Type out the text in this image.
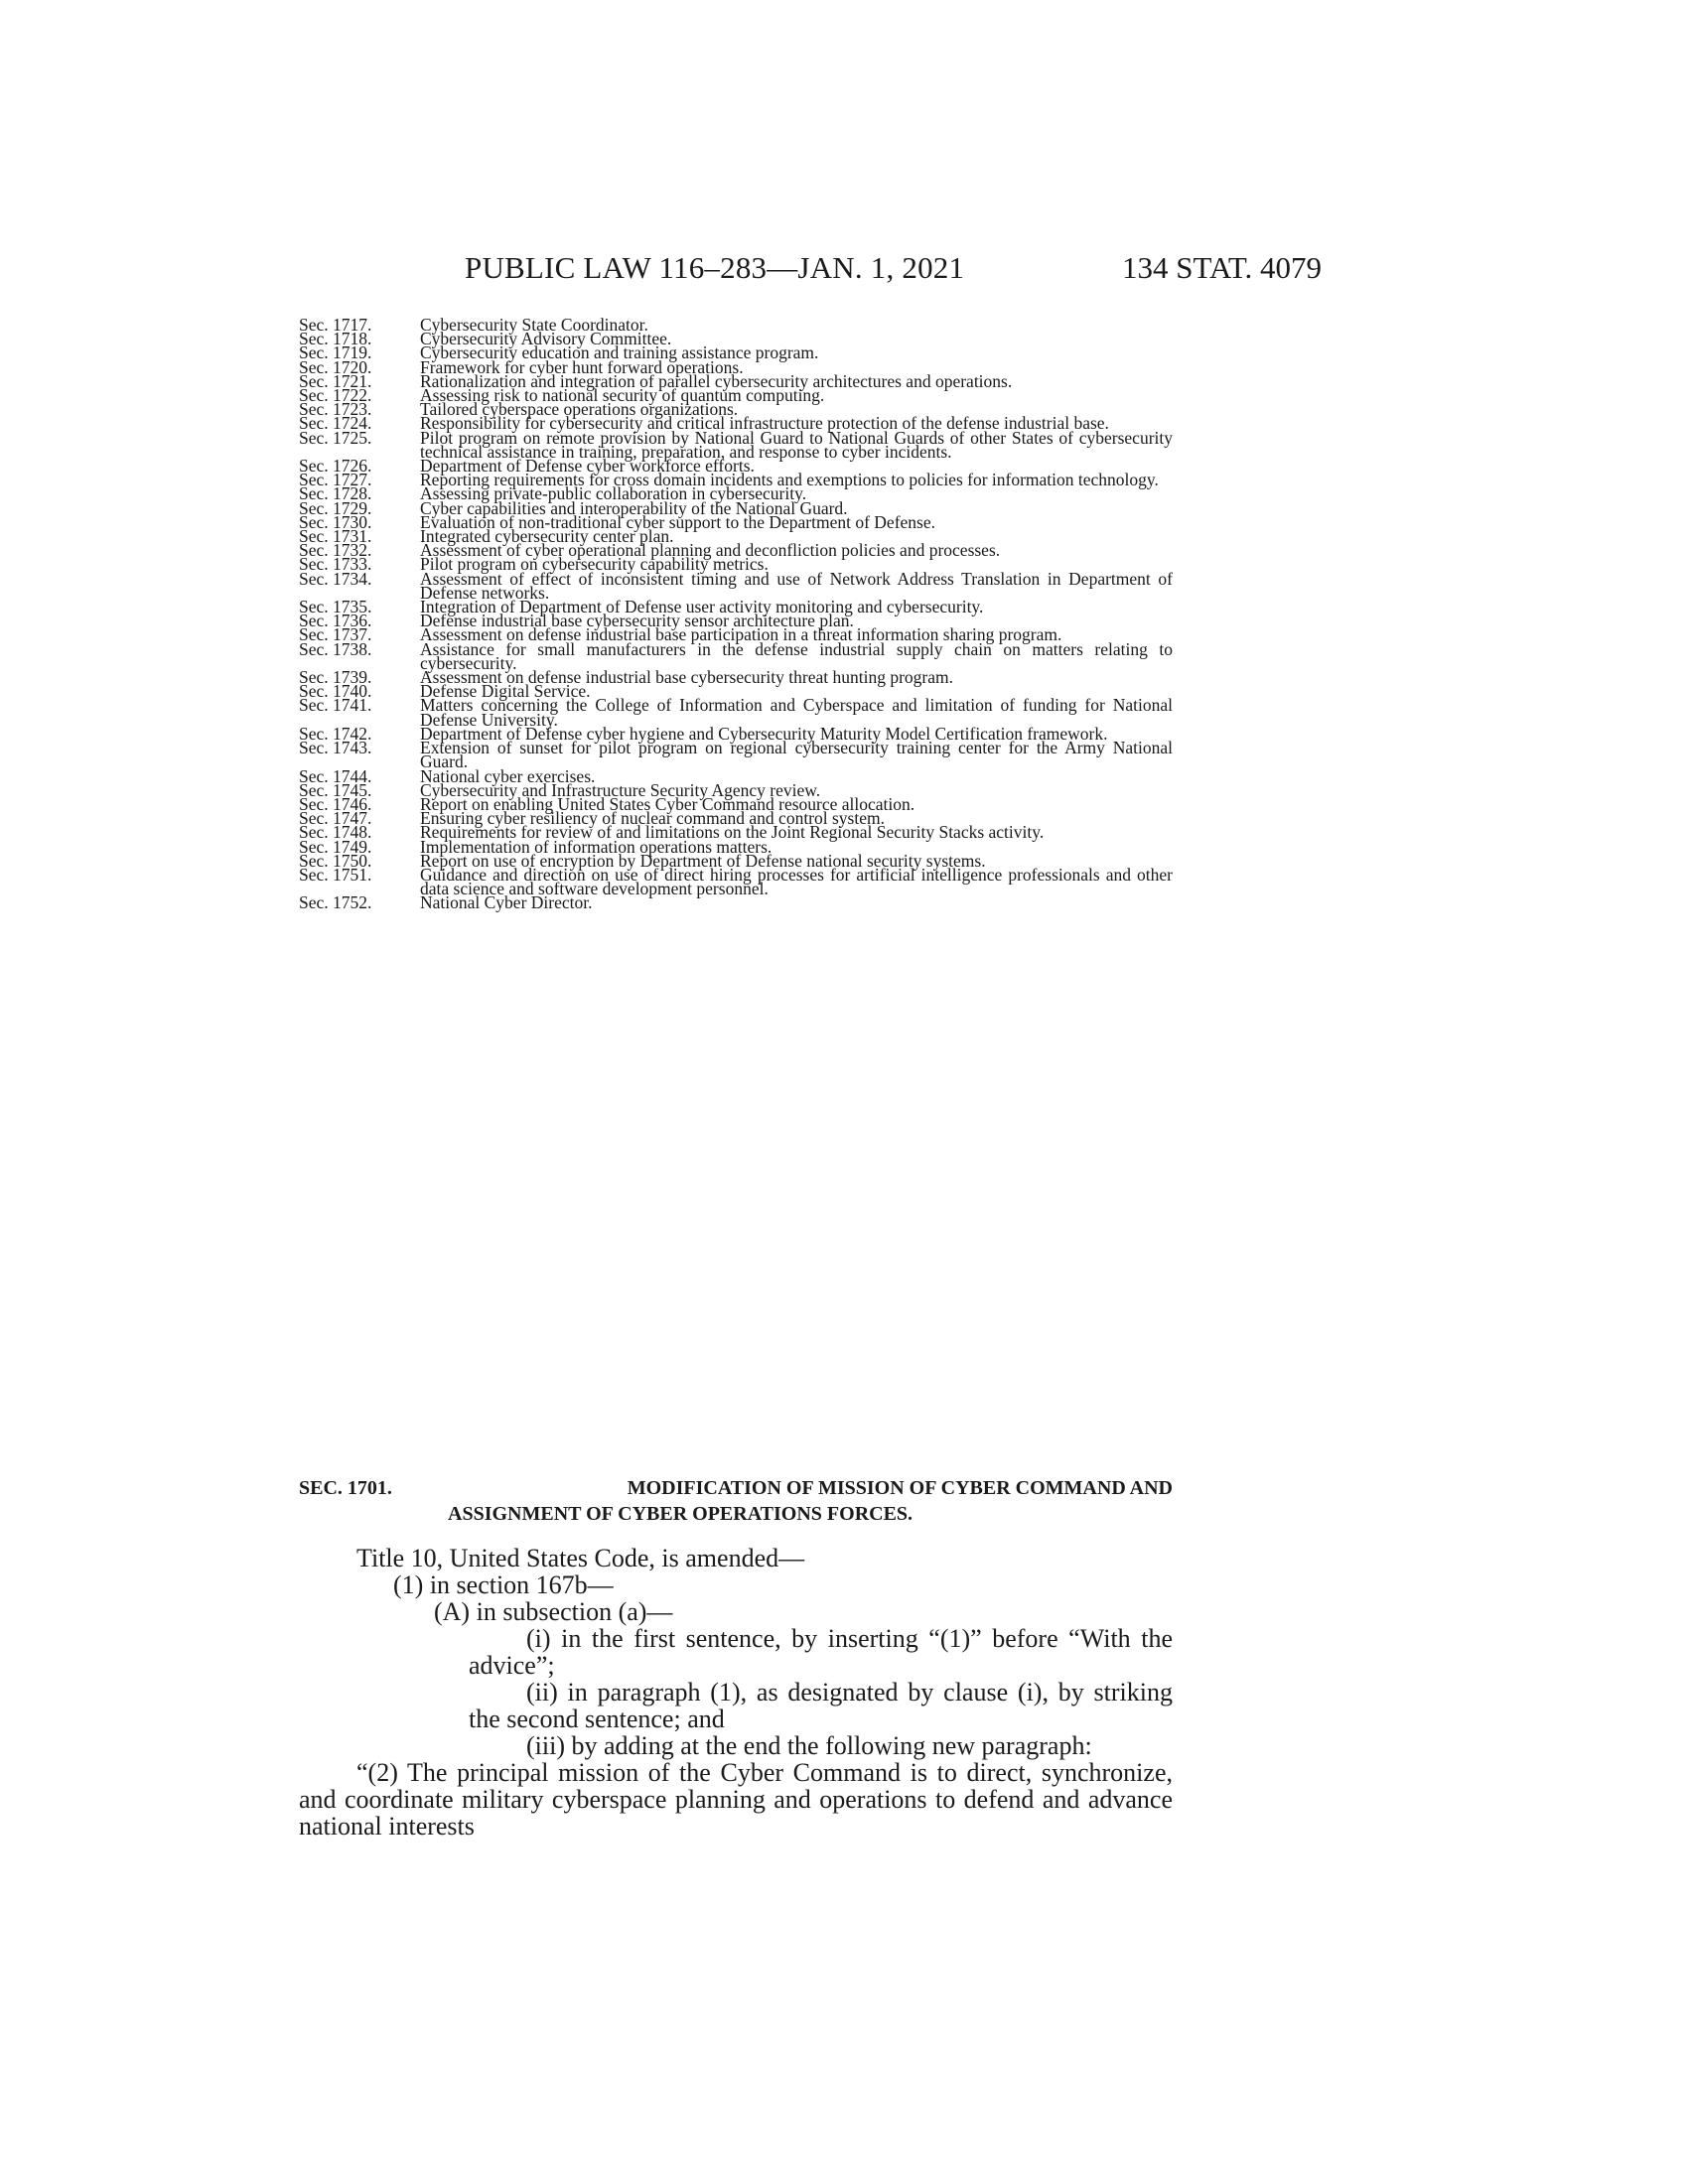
PUBLIC LAW 116–283—JAN. 1, 2021	134 STAT. 4079
Sec. 1717.	Cybersecurity State Coordinator.
Sec. 1718.	Cybersecurity Advisory Committee.
Sec. 1719.	Cybersecurity education and training assistance program.
Sec. 1720.	Framework for cyber hunt forward operations.
Sec. 1721.	Rationalization and integration of parallel cybersecurity architectures and operations.
Sec. 1722.	Assessing risk to national security of quantum computing.
Sec. 1723.	Tailored cyberspace operations organizations.
Sec. 1724.	Responsibility for cybersecurity and critical infrastructure protection of the defense industrial base.
Sec. 1725.	Pilot program on remote provision by National Guard to National Guards of other States of cybersecurity technical assistance in training, preparation, and response to cyber incidents.
Sec. 1726.	Department of Defense cyber workforce efforts.
Sec. 1727.	Reporting requirements for cross domain incidents and exemptions to policies for information technology.
Sec. 1728.	Assessing private-public collaboration in cybersecurity.
Sec. 1729.	Cyber capabilities and interoperability of the National Guard.
Sec. 1730.	Evaluation of non-traditional cyber support to the Department of Defense.
Sec. 1731.	Integrated cybersecurity center plan.
Sec. 1732.	Assessment of cyber operational planning and deconfliction policies and processes.
Sec. 1733.	Pilot program on cybersecurity capability metrics.
Sec. 1734.	Assessment of effect of inconsistent timing and use of Network Address Translation in Department of Defense networks.
Sec. 1735.	Integration of Department of Defense user activity monitoring and cybersecurity.
Sec. 1736.	Defense industrial base cybersecurity sensor architecture plan.
Sec. 1737.	Assessment on defense industrial base participation in a threat information sharing program.
Sec. 1738.	Assistance for small manufacturers in the defense industrial supply chain on matters relating to cybersecurity.
Sec. 1739.	Assessment on defense industrial base cybersecurity threat hunting program.
Sec. 1740.	Defense Digital Service.
Sec. 1741.	Matters concerning the College of Information and Cyberspace and limitation of funding for National Defense University.
Sec. 1742.	Department of Defense cyber hygiene and Cybersecurity Maturity Model Certification framework.
Sec. 1743.	Extension of sunset for pilot program on regional cybersecurity training center for the Army National Guard.
Sec. 1744.	National cyber exercises.
Sec. 1745.	Cybersecurity and Infrastructure Security Agency review.
Sec. 1746.	Report on enabling United States Cyber Command resource allocation.
Sec. 1747.	Ensuring cyber resiliency of nuclear command and control system.
Sec. 1748.	Requirements for review of and limitations on the Joint Regional Security Stacks activity.
Sec. 1749.	Implementation of information operations matters.
Sec. 1750.	Report on use of encryption by Department of Defense national security systems.
Sec. 1751.	Guidance and direction on use of direct hiring processes for artificial intelligence professionals and other data science and software development personnel.
Sec. 1752.	National Cyber Director.
SEC. 1701.	MODIFICATION OF MISSION OF CYBER COMMAND AND
ASSIGNMENT OF CYBER OPERATIONS FORCES.

Title 10, United States Code, is amended—

(1) in section 167b—

(A) in subsection (a)—

(i) in the first sentence, by inserting “(1)” before “With the advice”;

(ii) in paragraph (1), as designated by clause (i), by striking the second sentence; and

(iii) by adding at the end the following new paragraph:

“(2) The principal mission of the Cyber Command is to direct, synchronize, and coordinate military cyberspace planning and operations to defend and advance national interests
